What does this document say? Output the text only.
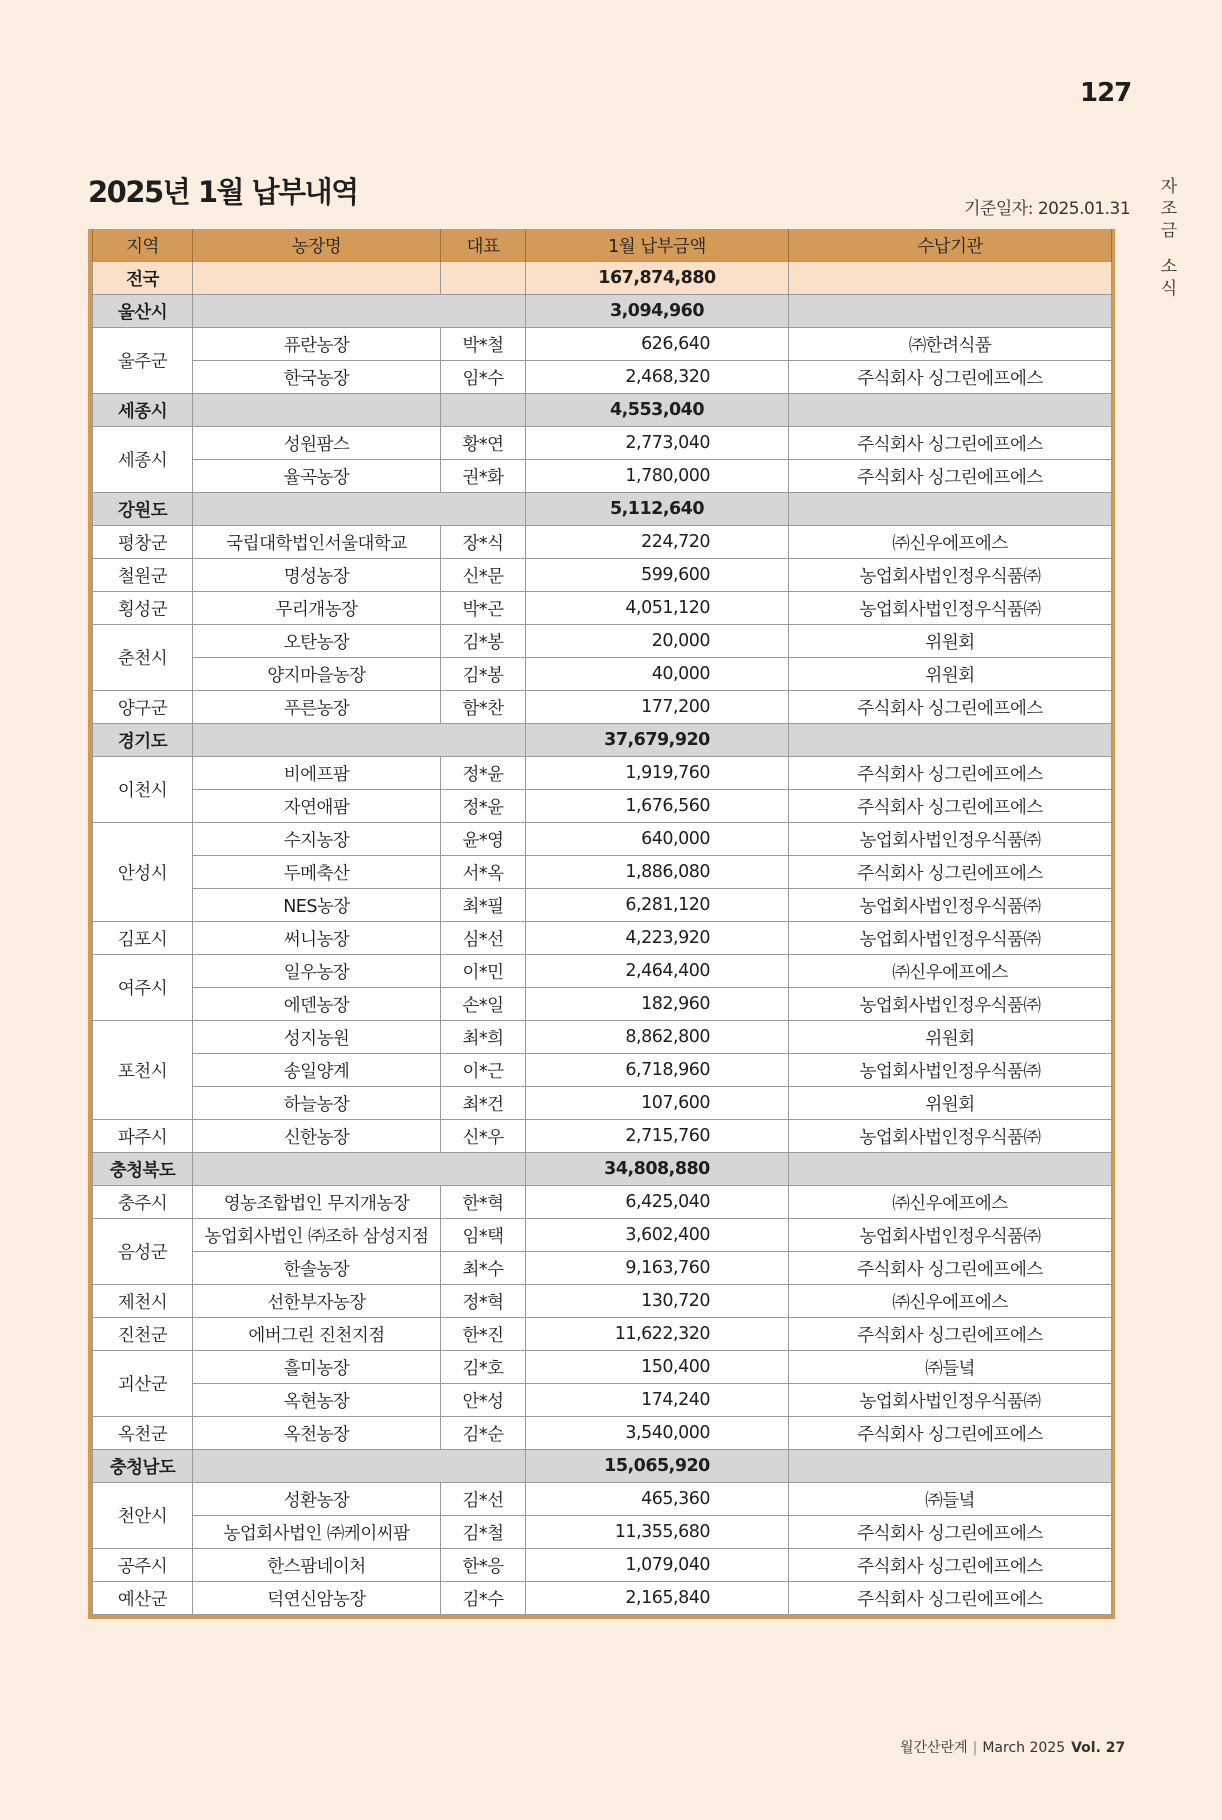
127
자
조
금
소
식
2025년 1월 납부내역	기준일자: 2025.01.31
지역	농장명	대표	1월 납부금액	수납기관
전국			167,874,880	
울산시			3,094,960	
울주군	퓨란농장	박*철	626,640	㈜한려식품
	한국농장	임*수	2,468,320	주식회사 싱그린에프에스
세종시			4,553,040	
세종시	성원팜스	황*연	2,773,040	주식회사 싱그린에프에스
	율곡농장	권*화	1,780,000	주식회사 싱그린에프에스
강원도			5,112,640	
평창군	국립대학법인서울대학교	장*식	224,720	㈜신우에프에스
철원군	명성농장	신*문	599,600	농업회사법인정우식품㈜
횡성군	무리개농장	박*곤	4,051,120	농업회사법인정우식품㈜
춘천시	오탄농장	김*봉	20,000	위원회
	양지마을농장	김*봉	40,000	위원회
양구군	푸른농장	함*찬	177,200	주식회사 싱그린에프에스
경기도			37,679,920	
이천시	비에프팜	정*윤	1,919,760	주식회사 싱그린에프에스
	자연애팜	정*윤	1,676,560	주식회사 싱그린에프에스
안성시	수지농장	윤*영	640,000	농업회사법인정우식품㈜
	두메축산	서*옥	1,886,080	주식회사 싱그린에프에스
	NES농장	최*필	6,281,120	농업회사법인정우식품㈜
김포시	써니농장	심*선	4,223,920	농업회사법인정우식품㈜
여주시	일우농장	이*민	2,464,400	㈜신우에프에스
	에덴농장	손*일	182,960	농업회사법인정우식품㈜
포천시	성지농원	최*희	8,862,800	위원회
	송일양계	이*근	6,718,960	농업회사법인정우식품㈜
	하늘농장	최*건	107,600	위원회
파주시	신한농장	신*우	2,715,760	농업회사법인정우식품㈜
충청북도			34,808,880	
충주시	영농조합법인 무지개농장	한*혁	6,425,040	㈜신우에프에스
음성군	농업회사법인 ㈜조하 삼성지점	임*택	3,602,400	농업회사법인정우식품㈜
	한솔농장	최*수	9,163,760	주식회사 싱그린에프에스
제천시	선한부자농장	정*혁	130,720	㈜신우에프에스
진천군	에버그린 진천지점	한*진	11,622,320	주식회사 싱그린에프에스
괴산군	흘미농장	김*호	150,400	㈜들녘
	옥현농장	안*성	174,240	농업회사법인정우식품㈜
옥천군	옥천농장	김*순	3,540,000	주식회사 싱그린에프에스
충청남도			15,065,920	
천안시	성환농장	김*선	465,360	㈜들녘
	농업회사법인 ㈜케이씨팜	김*철	11,355,680	주식회사 싱그린에프에스
공주시	한스팜네이처	한*응	1,079,040	주식회사 싱그린에프에스
예산군	덕연신암농장	김*수	2,165,840	주식회사 싱그린에프에스
월간산란계 | March 2025 Vol. 27
